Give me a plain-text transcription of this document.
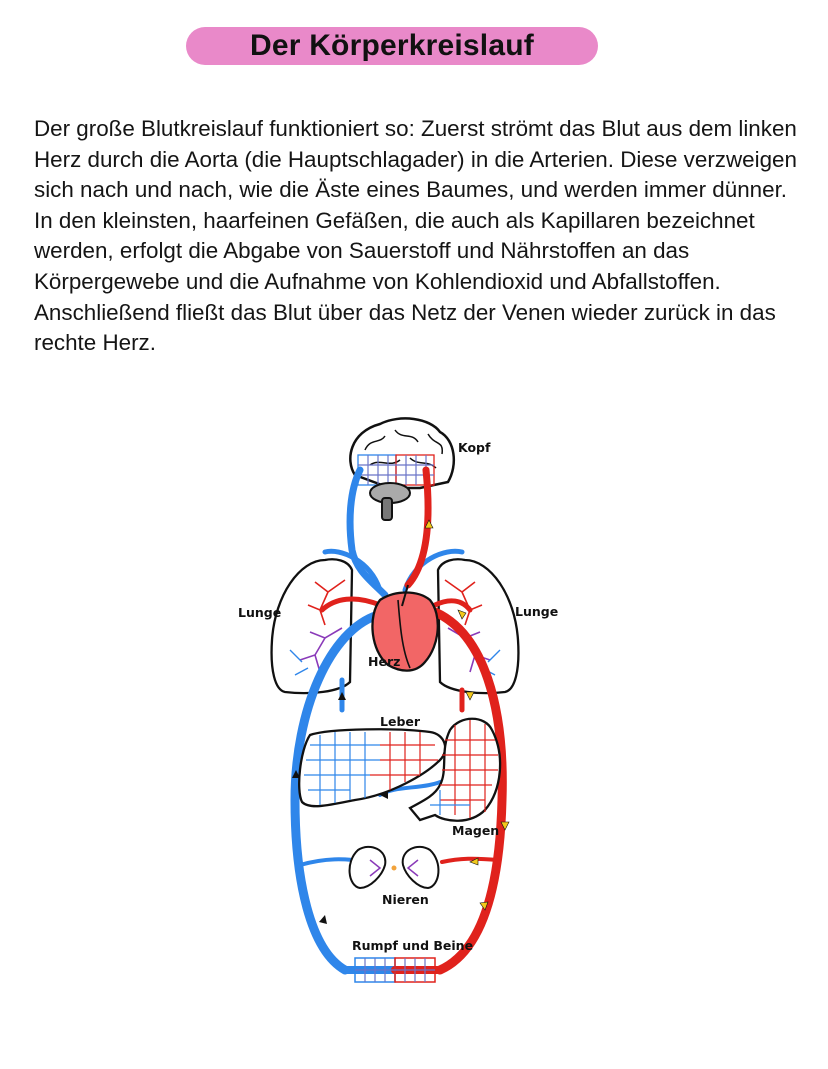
Der Körperkreislauf

Der große Blutkreislauf funktioniert so: Zuerst strömt das Blut aus dem linken Herz durch die Aorta (die Hauptschlagader) in die Arterien. Diese verzweigen sich nach und nach, wie die Äste eines Baumes, und werden immer dünner. In den kleinsten, haarfeinen Gefäßen, die auch als Kapillaren bezeichnet werden, erfolgt die Abgabe von Sauerstoff und Nährstoffen an das Körpergewebe und die Aufnahme von Kohlendioxid und Abfallstoffen. Anschließend fließt das Blut über das Netz der Venen wieder zurück in das rechte Herz.

Kopf
Lunge	Lunge
Herz
Leber
Magen
Nieren
Rumpf und Beine
